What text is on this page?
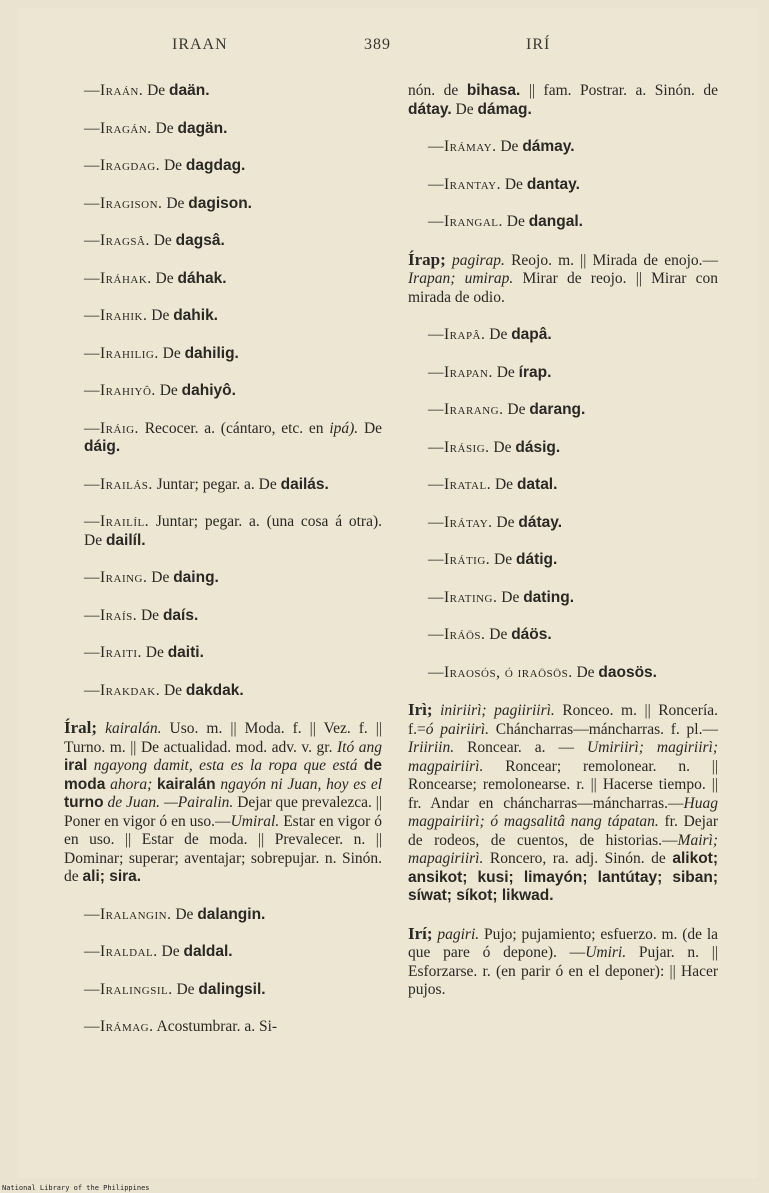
IRAAN	389	IRÍ
—Iraán. De daän.
—Iragán. De dagän.
—Iragdag. De dagdag.
—Iragison. De dagison.
—Iragsâ. De dagsâ.
—Iráhak. De dáhak.
—Irahik. De dahik.
—Irahilig. De dahilig.
—Irahiyô. De dahiyô.
—Iráig. Recocer. a. (cántaro, etc. en ipá). De dáig.
—Irailás. Juntar; pegar. a. De dailás.
—Irailíl. Juntar; pegar. a. (una cosa á otra). De dailíl.
—Iraing. De daing.
—Iraís. De daís.
—Iraiti. De daiti.
—Irakdak. De dakdak.
Íral; kairalán. Uso. m. || Moda. f. || Vez. f. || Turno. m. || De actualidad. mod. adv. v. gr. Itó ang iral ngayong damit, esta es la ropa que está de moda ahora; kairalán ngayón ni Juan, hoy es el turno de Juan. —Pairalin. Dejar que prevalezca. || Poner en vigor ó en uso.—Umiral. Estar en vigor ó en uso. || Estar de moda. || Prevalecer. n. || Dominar; superar; aventajar; sobrepujar. n. Sinón. de ali; sira.
—Iralangin. De dalangin.
—Iraldal. De daldal.
—Iralingsil. De dalingsil.
—Irámag. Acostumbrar. a. Si-
nón. de bihasa. || fam. Postrar. a. Sinón. de dátay. De dámag.
—Irámay. De dámay.
—Irantay. De dantay.
—Irangal. De dangal.
Írap; pagirap. Reojo. m. || Mirada de enojo.—Irapan; umirap. Mirar de reojo. || Mirar con mirada de odio.
—Irapâ. De dapâ.
—Irapan. De írap.
—Irarang. De darang.
—Irásig. De dásig.
—Iratal. De datal.
—Irátay. De dátay.
—Irátig. De dátig.
—Irating. De dating.
—Iráös. De dáös.
—Iraosós, ó iraösös. De daosös.
Irì; iniriirì; pagiiriirì. Ronceo. m. || Roncería. f.=ó pairiirì. Cháncharras—máncharras. f. pl.—Iriiriin. Roncear. a. — Umiriirì; magiriirì; magpairiirì. Roncear; remolonear. n. || Roncearse; remolonearse. r. || Hacerse tiempo. || fr. Andar en cháncharras—máncharras.—Huag magpairiirì; ó magsalitâ nang tápatan. fr. Dejar de rodeos, de cuentos, de historias.—Mairì; mapagiriirì. Roncero, ra. adj. Sinón. de alikot; ansikot; kusi; limayón; lantútay; siban; síwat; síkot; likwad.
Irí; pagiri. Pujo; pujamiento; esfuerzo. m. (de la que pare ó depone). —Umiri. Pujar. n. || Esforzarse. r. (en parir ó en el deponer): || Hacer pujos.
National Library of the Philippines
